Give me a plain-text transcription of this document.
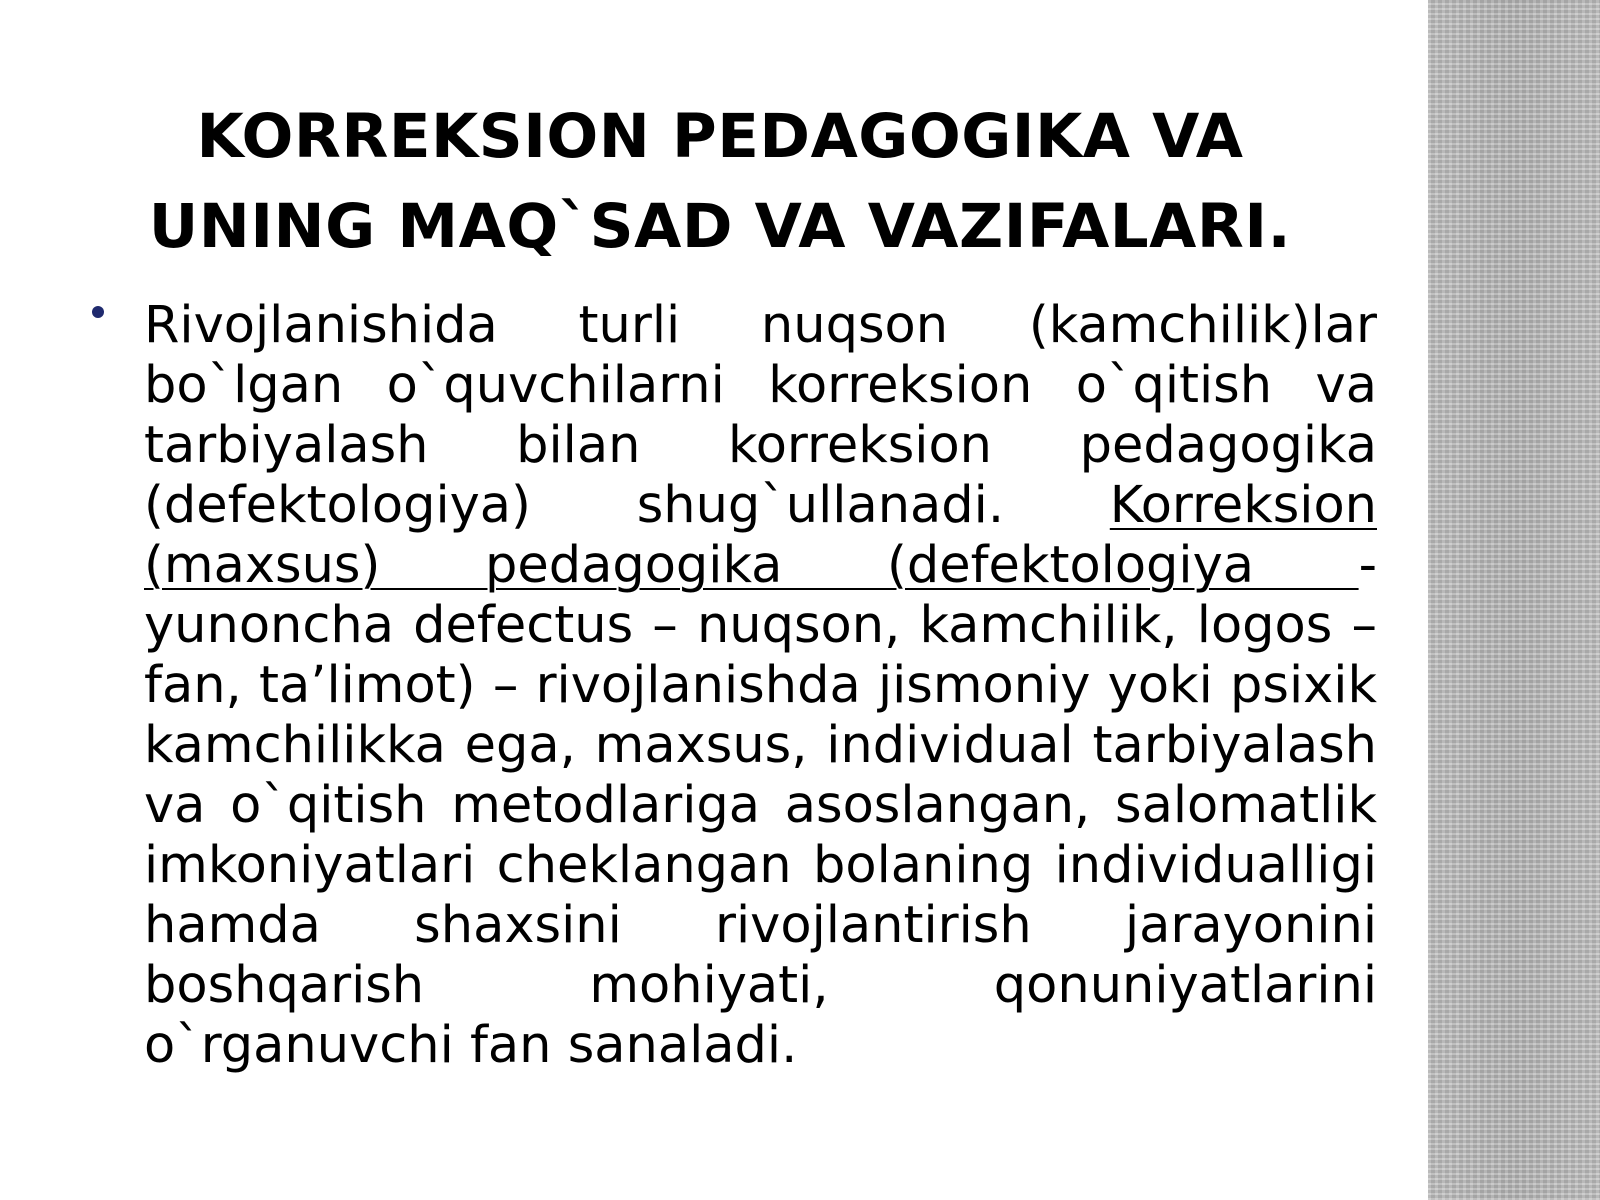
KORREKSION PEDAGOGIKA VA
UNING MAQ`SAD VA VAZIFALARI.

Rivojlanishida turli nuqson (kamchilik)lar bo`lgan o`quvchilarni korreksion o`qitish va tarbiyalash bilan korreksion pedagogika (defektologiya) shug`ullanadi. Korreksion (maxsus) pedagogika (defektologiya - yunoncha defectus – nuqson, kamchilik, logos – fan, ta’limot) – rivojlanishda jismoniy yoki psixik kamchilikka ega, maxsus, individual tarbiyalash va o`qitish metodlariga asoslangan, salomatlik imkoniyatlari cheklangan bolaning individualligi hamda shaxsini rivojlantirish jarayonini boshqarish mohiyati, qonuniyatlarini o`rganuvchi fan sanaladi.
